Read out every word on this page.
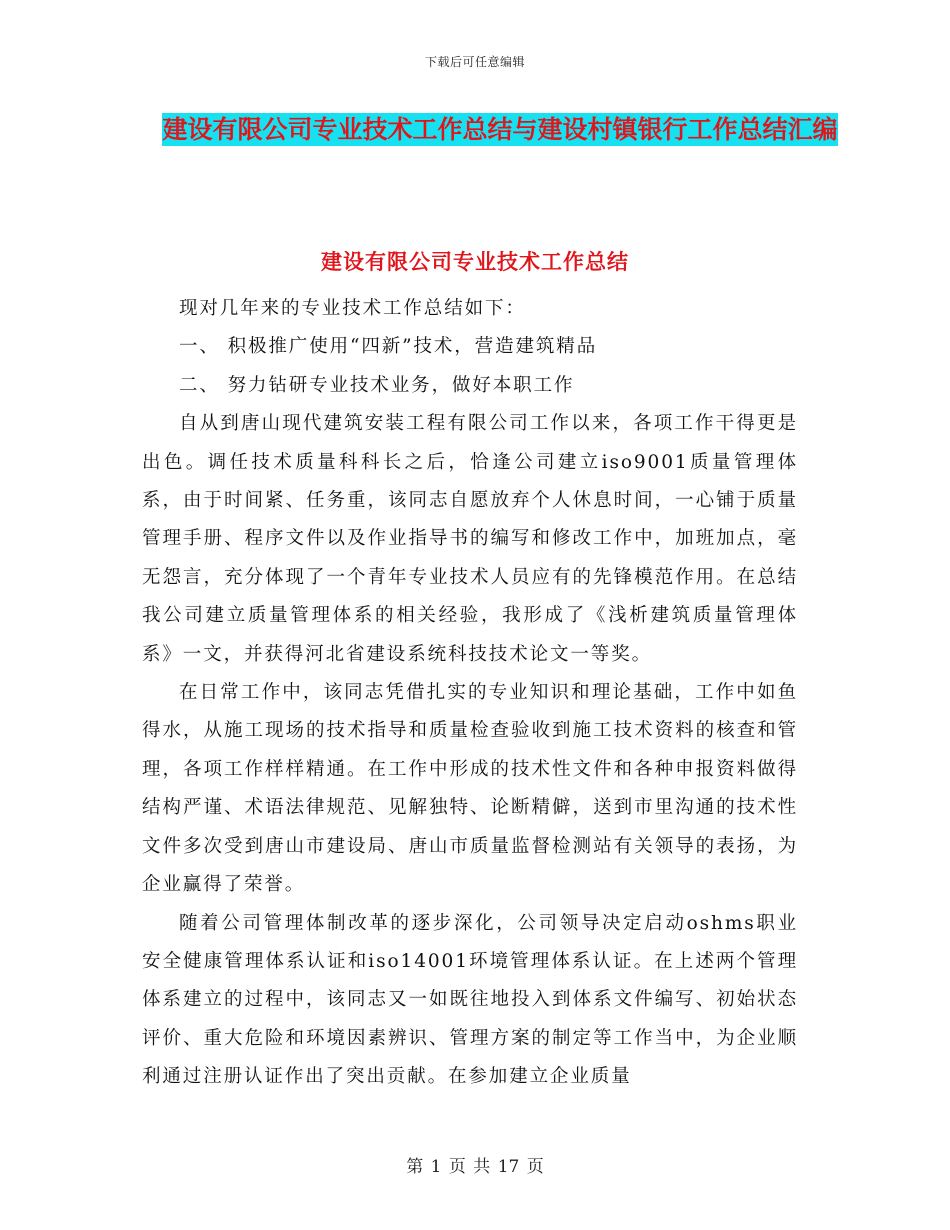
下载后可任意编辑
建设有限公司专业技术工作总结与建设村镇银行工作总结汇编
建设有限公司专业技术工作总结

现对几年来的专业技术工作总结如下：

一、 积极推广使用“四新”技术，营造建筑精品

二、 努力钻研专业技术业务，做好本职工作

自从到唐山现代建筑安装工程有限公司工作以来，各项工作干得更是出色。调任技术质量科科长之后，恰逢公司建立iso9001质量管理体系，由于时间紧、任务重，该同志自愿放弃个人休息时间，一心铺于质量管理手册、程序文件以及作业指导书的编写和修改工作中，加班加点，毫无怨言，充分体现了一个青年专业技术人员应有的先锋模范作用。在总结我公司建立质量管理体系的相关经验，我形成了《浅析建筑质量管理体系》一文，并获得河北省建设系统科技技术论文一等奖。

在日常工作中，该同志凭借扎实的专业知识和理论基础，工作中如鱼得水，从施工现场的技术指导和质量检查验收到施工技术资料的核查和管理，各项工作样样精通。在工作中形成的技术性文件和各种申报资料做得结构严谨、术语法律规范、见解独特、论断精僻，送到市里沟通的技术性文件多次受到唐山市建设局、唐山市质量监督检测站有关领导的表扬，为企业赢得了荣誉。

随着公司管理体制改革的逐步深化，公司领导决定启动oshms职业安全健康管理体系认证和iso14001环境管理体系认证。在上述两个管理体系建立的过程中，该同志又一如既往地投入到体系文件编写、初始状态评价、重大危险和环境因素辨识、管理方案的制定等工作当中，为企业顺利通过注册认证作出了突出贡献。在参加建立企业质量

第 1 页 共 17 页
